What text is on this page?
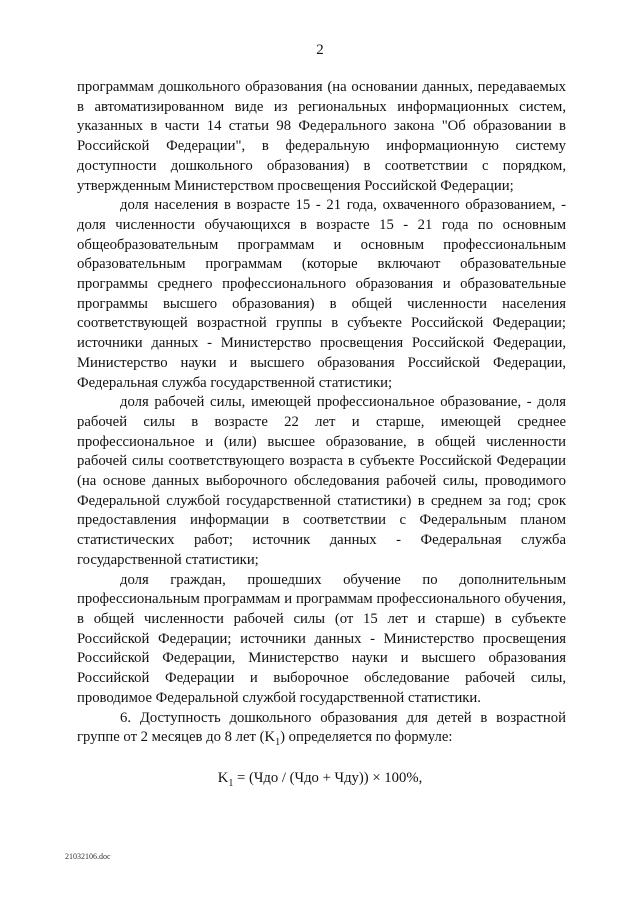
2

программам дошкольного образования (на основании данных, передаваемых в автоматизированном виде из региональных информационных систем, указанных в части 14 статьи 98 Федерального закона "Об образовании в Российской Федерации", в федеральную информационную систему доступности дошкольного образования) в соответствии с порядком, утвержденным Министерством просвещения Российской Федерации;

доля населения в возрасте 15 - 21 года, охваченного образованием, - доля численности обучающихся в возрасте 15 - 21 года по основным общеобразовательным программам и основным профессиональным образовательным программам (которые включают образовательные программы среднего профессионального образования и образовательные программы высшего образования) в общей численности населения соответствующей возрастной группы в субъекте Российской Федерации; источники данных - Министерство просвещения Российской Федерации, Министерство науки и высшего образования Российской Федерации, Федеральная служба государственной статистики;

доля рабочей силы, имеющей профессиональное образование, - доля рабочей силы в возрасте 22 лет и старше, имеющей среднее профессиональное и (или) высшее образование, в общей численности рабочей силы соответствующего возраста в субъекте Российской Федерации (на основе данных выборочного обследования рабочей силы, проводимого Федеральной службой государственной статистики) в среднем за год; срок предоставления информации в соответствии с Федеральным планом статистических работ; источник данных - Федеральная служба государственной статистики;

доля граждан, прошедших обучение по дополнительным профессиональным программам и программам профессионального обучения, в общей численности рабочей силы (от 15 лет и старше) в субъекте Российской Федерации; источники данных - Министерство просвещения Российской Федерации, Министерство науки и высшего образования Российской Федерации и выборочное обследование рабочей силы, проводимое Федеральной службой государственной статистики.

6. Доступность дошкольного образования для детей в возрастной группе от 2 месяцев до 8 лет $(K_1)$ определяется по формуле:

$K_1 = (Чдо / (Чдо + Чду)) \times 100\%$,
21032106.doc
